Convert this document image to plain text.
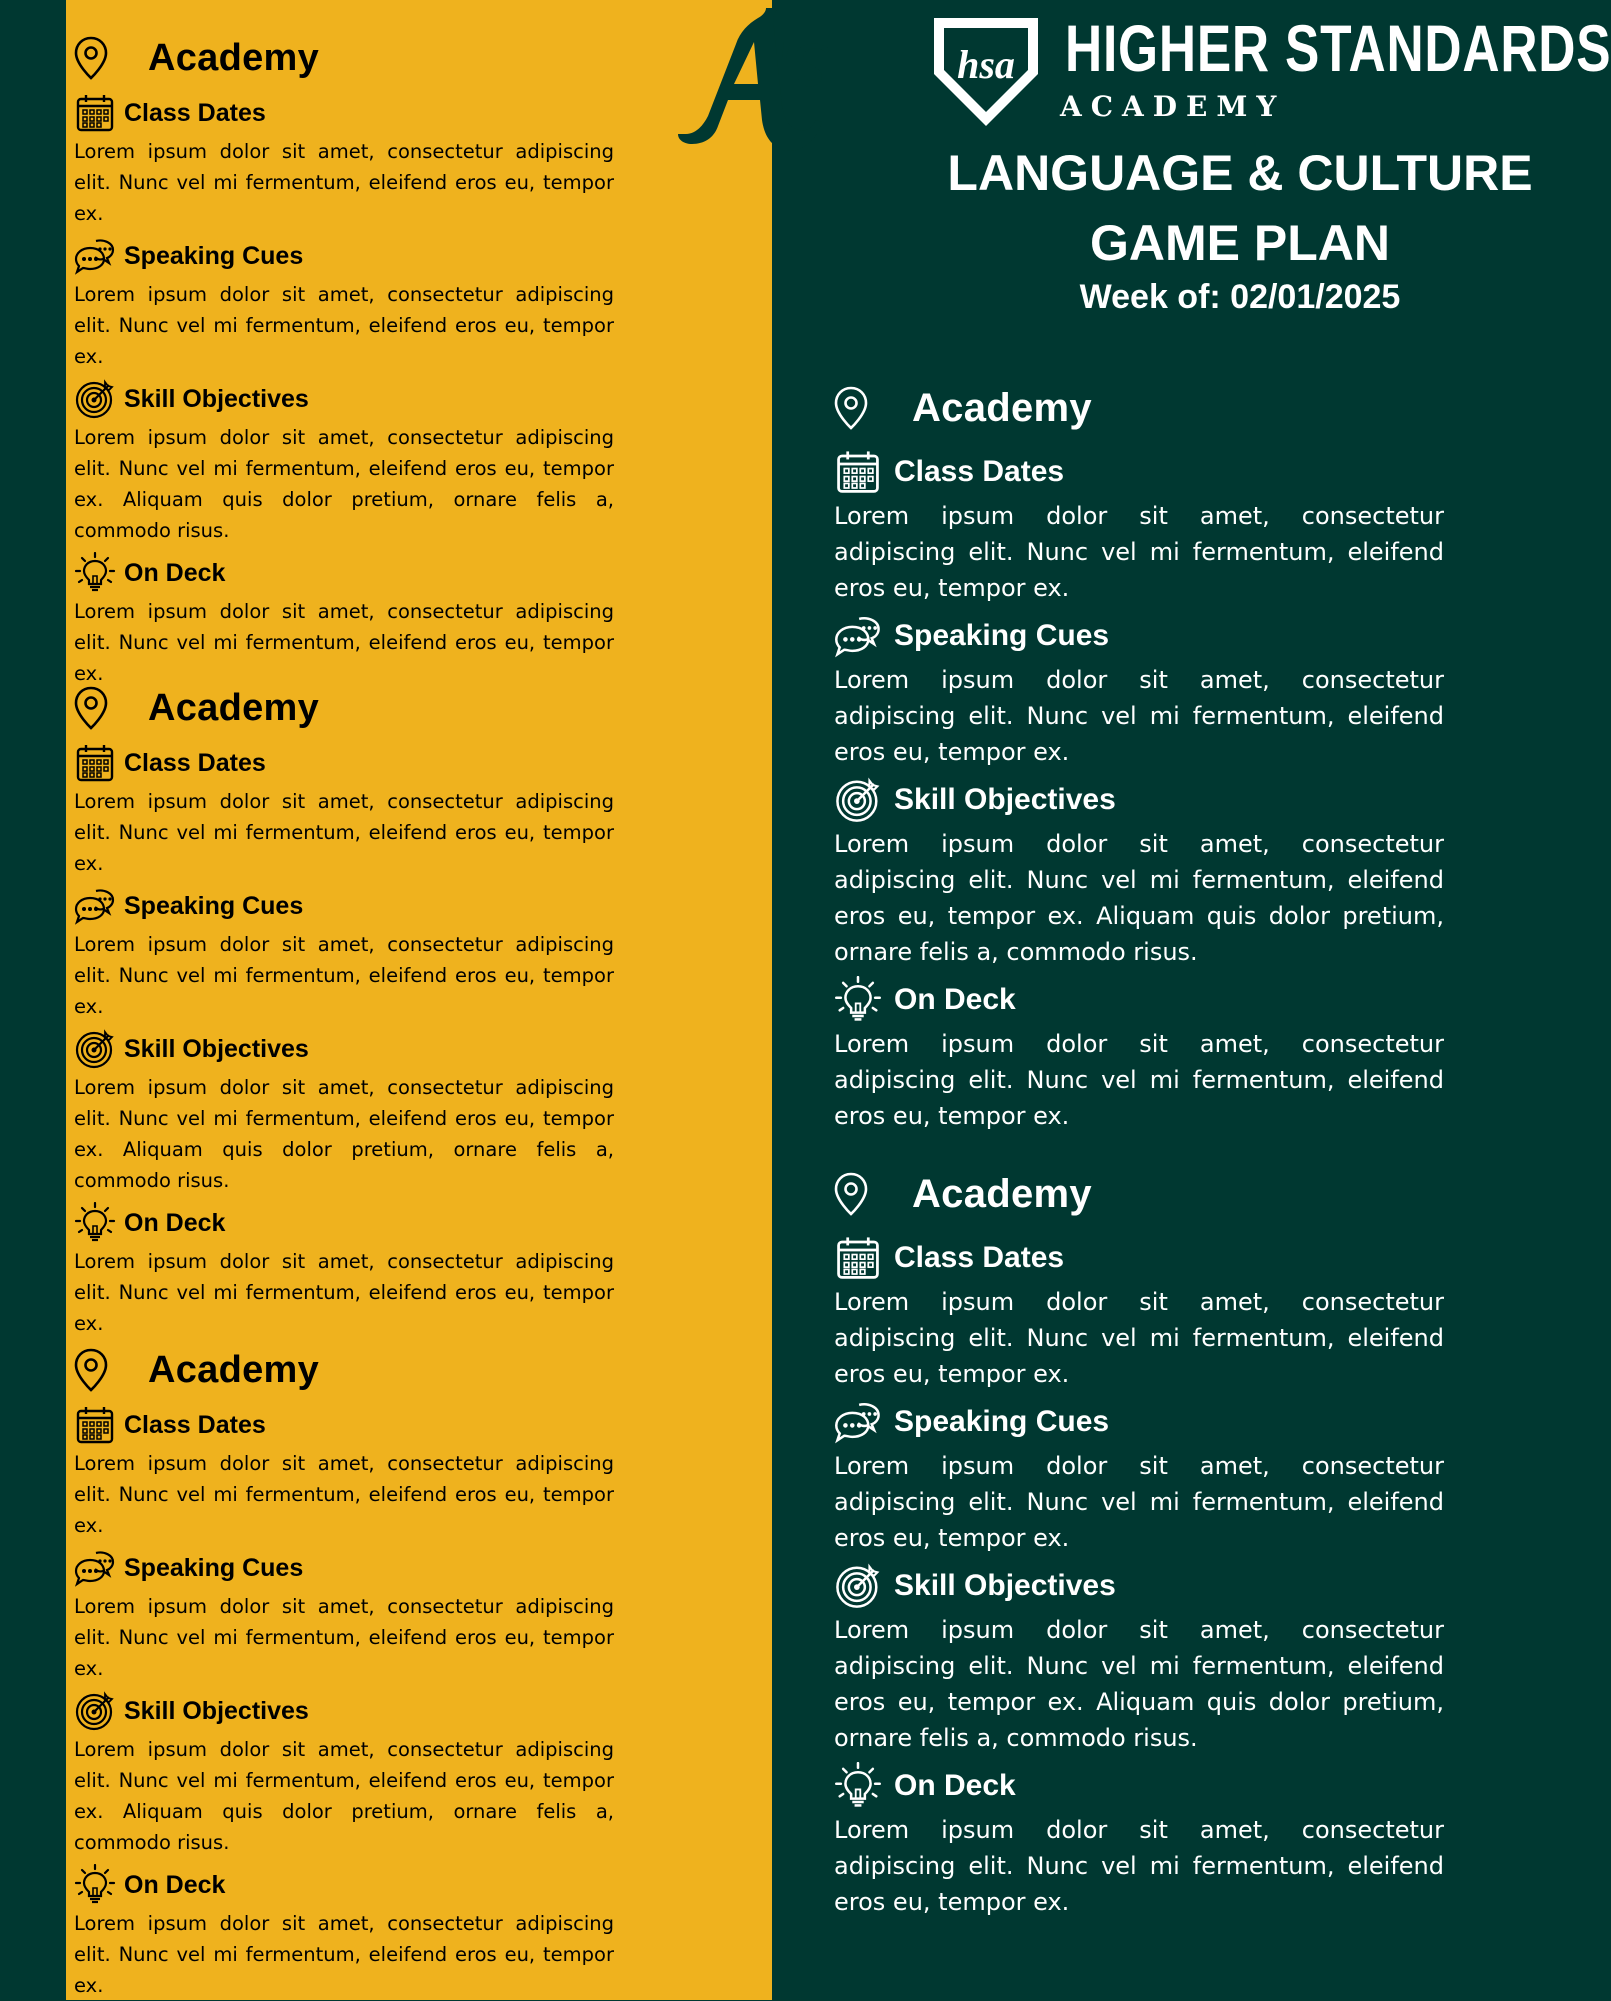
Academy
Class Dates

Lorem ipsum dolor sit amet, consectetur adipiscing elit. Nunc vel mi fermentum, eleifend eros eu, tempor ex.

Speaking Cues

Lorem ipsum dolor sit amet, consectetur adipiscing elit. Nunc vel mi fermentum, eleifend eros eu, tempor ex.

Skill Objectives

Lorem ipsum dolor sit amet, consectetur adipiscing elit. Nunc vel mi fermentum, eleifend eros eu, tempor ex. Aliquam quis dolor pretium, ornare felis a, commodo risus.

On Deck

Lorem ipsum dolor sit amet, consectetur adipiscing elit. Nunc vel mi fermentum, eleifend eros eu, tempor ex.

Academy
Class Dates

Lorem ipsum dolor sit amet, consectetur adipiscing elit. Nunc vel mi fermentum, eleifend eros eu, tempor ex.

Speaking Cues

Lorem ipsum dolor sit amet, consectetur adipiscing elit. Nunc vel mi fermentum, eleifend eros eu, tempor ex.

Skill Objectives

Lorem ipsum dolor sit amet, consectetur adipiscing elit. Nunc vel mi fermentum, eleifend eros eu, tempor ex. Aliquam quis dolor pretium, ornare felis a, commodo risus.

On Deck

Lorem ipsum dolor sit amet, consectetur adipiscing elit. Nunc vel mi fermentum, eleifend eros eu, tempor ex.

Academy
Class Dates

Lorem ipsum dolor sit amet, consectetur adipiscing elit. Nunc vel mi fermentum, eleifend eros eu, tempor ex.

Speaking Cues

Lorem ipsum dolor sit amet, consectetur adipiscing elit. Nunc vel mi fermentum, eleifend eros eu, tempor ex.

Skill Objectives

Lorem ipsum dolor sit amet, consectetur adipiscing elit. Nunc vel mi fermentum, eleifend eros eu, tempor ex. Aliquam quis dolor pretium, ornare felis a, commodo risus.

On Deck

Lorem ipsum dolor sit amet, consectetur adipiscing elit. Nunc vel mi fermentum, eleifend eros eu, tempor ex.

hsa HIGHER STANDARDS
ACADEMY
LANGUAGE & CULTURE
GAME PLAN
Week of: 02/01/2025
Academy
Class Dates

Lorem ipsum dolor sit amet, consectetur adipiscing elit. Nunc vel mi fermentum, eleifend eros eu, tempor ex.

Speaking Cues

Lorem ipsum dolor sit amet, consectetur adipiscing elit. Nunc vel mi fermentum, eleifend eros eu, tempor ex.

Skill Objectives

Lorem ipsum dolor sit amet, consectetur adipiscing elit. Nunc vel mi fermentum, eleifend eros eu, tempor ex. Aliquam quis dolor pretium, ornare felis a, commodo risus.

On Deck

Lorem ipsum dolor sit amet, consectetur adipiscing elit. Nunc vel mi fermentum, eleifend eros eu, tempor ex.

Academy
Class Dates

Lorem ipsum dolor sit amet, consectetur adipiscing elit. Nunc vel mi fermentum, eleifend eros eu, tempor ex.

Speaking Cues

Lorem ipsum dolor sit amet, consectetur adipiscing elit. Nunc vel mi fermentum, eleifend eros eu, tempor ex.

Skill Objectives

Lorem ipsum dolor sit amet, consectetur adipiscing elit. Nunc vel mi fermentum, eleifend eros eu, tempor ex. Aliquam quis dolor pretium, ornare felis a, commodo risus.

On Deck

Lorem ipsum dolor sit amet, consectetur adipiscing elit. Nunc vel mi fermentum, eleifend eros eu, tempor ex.
